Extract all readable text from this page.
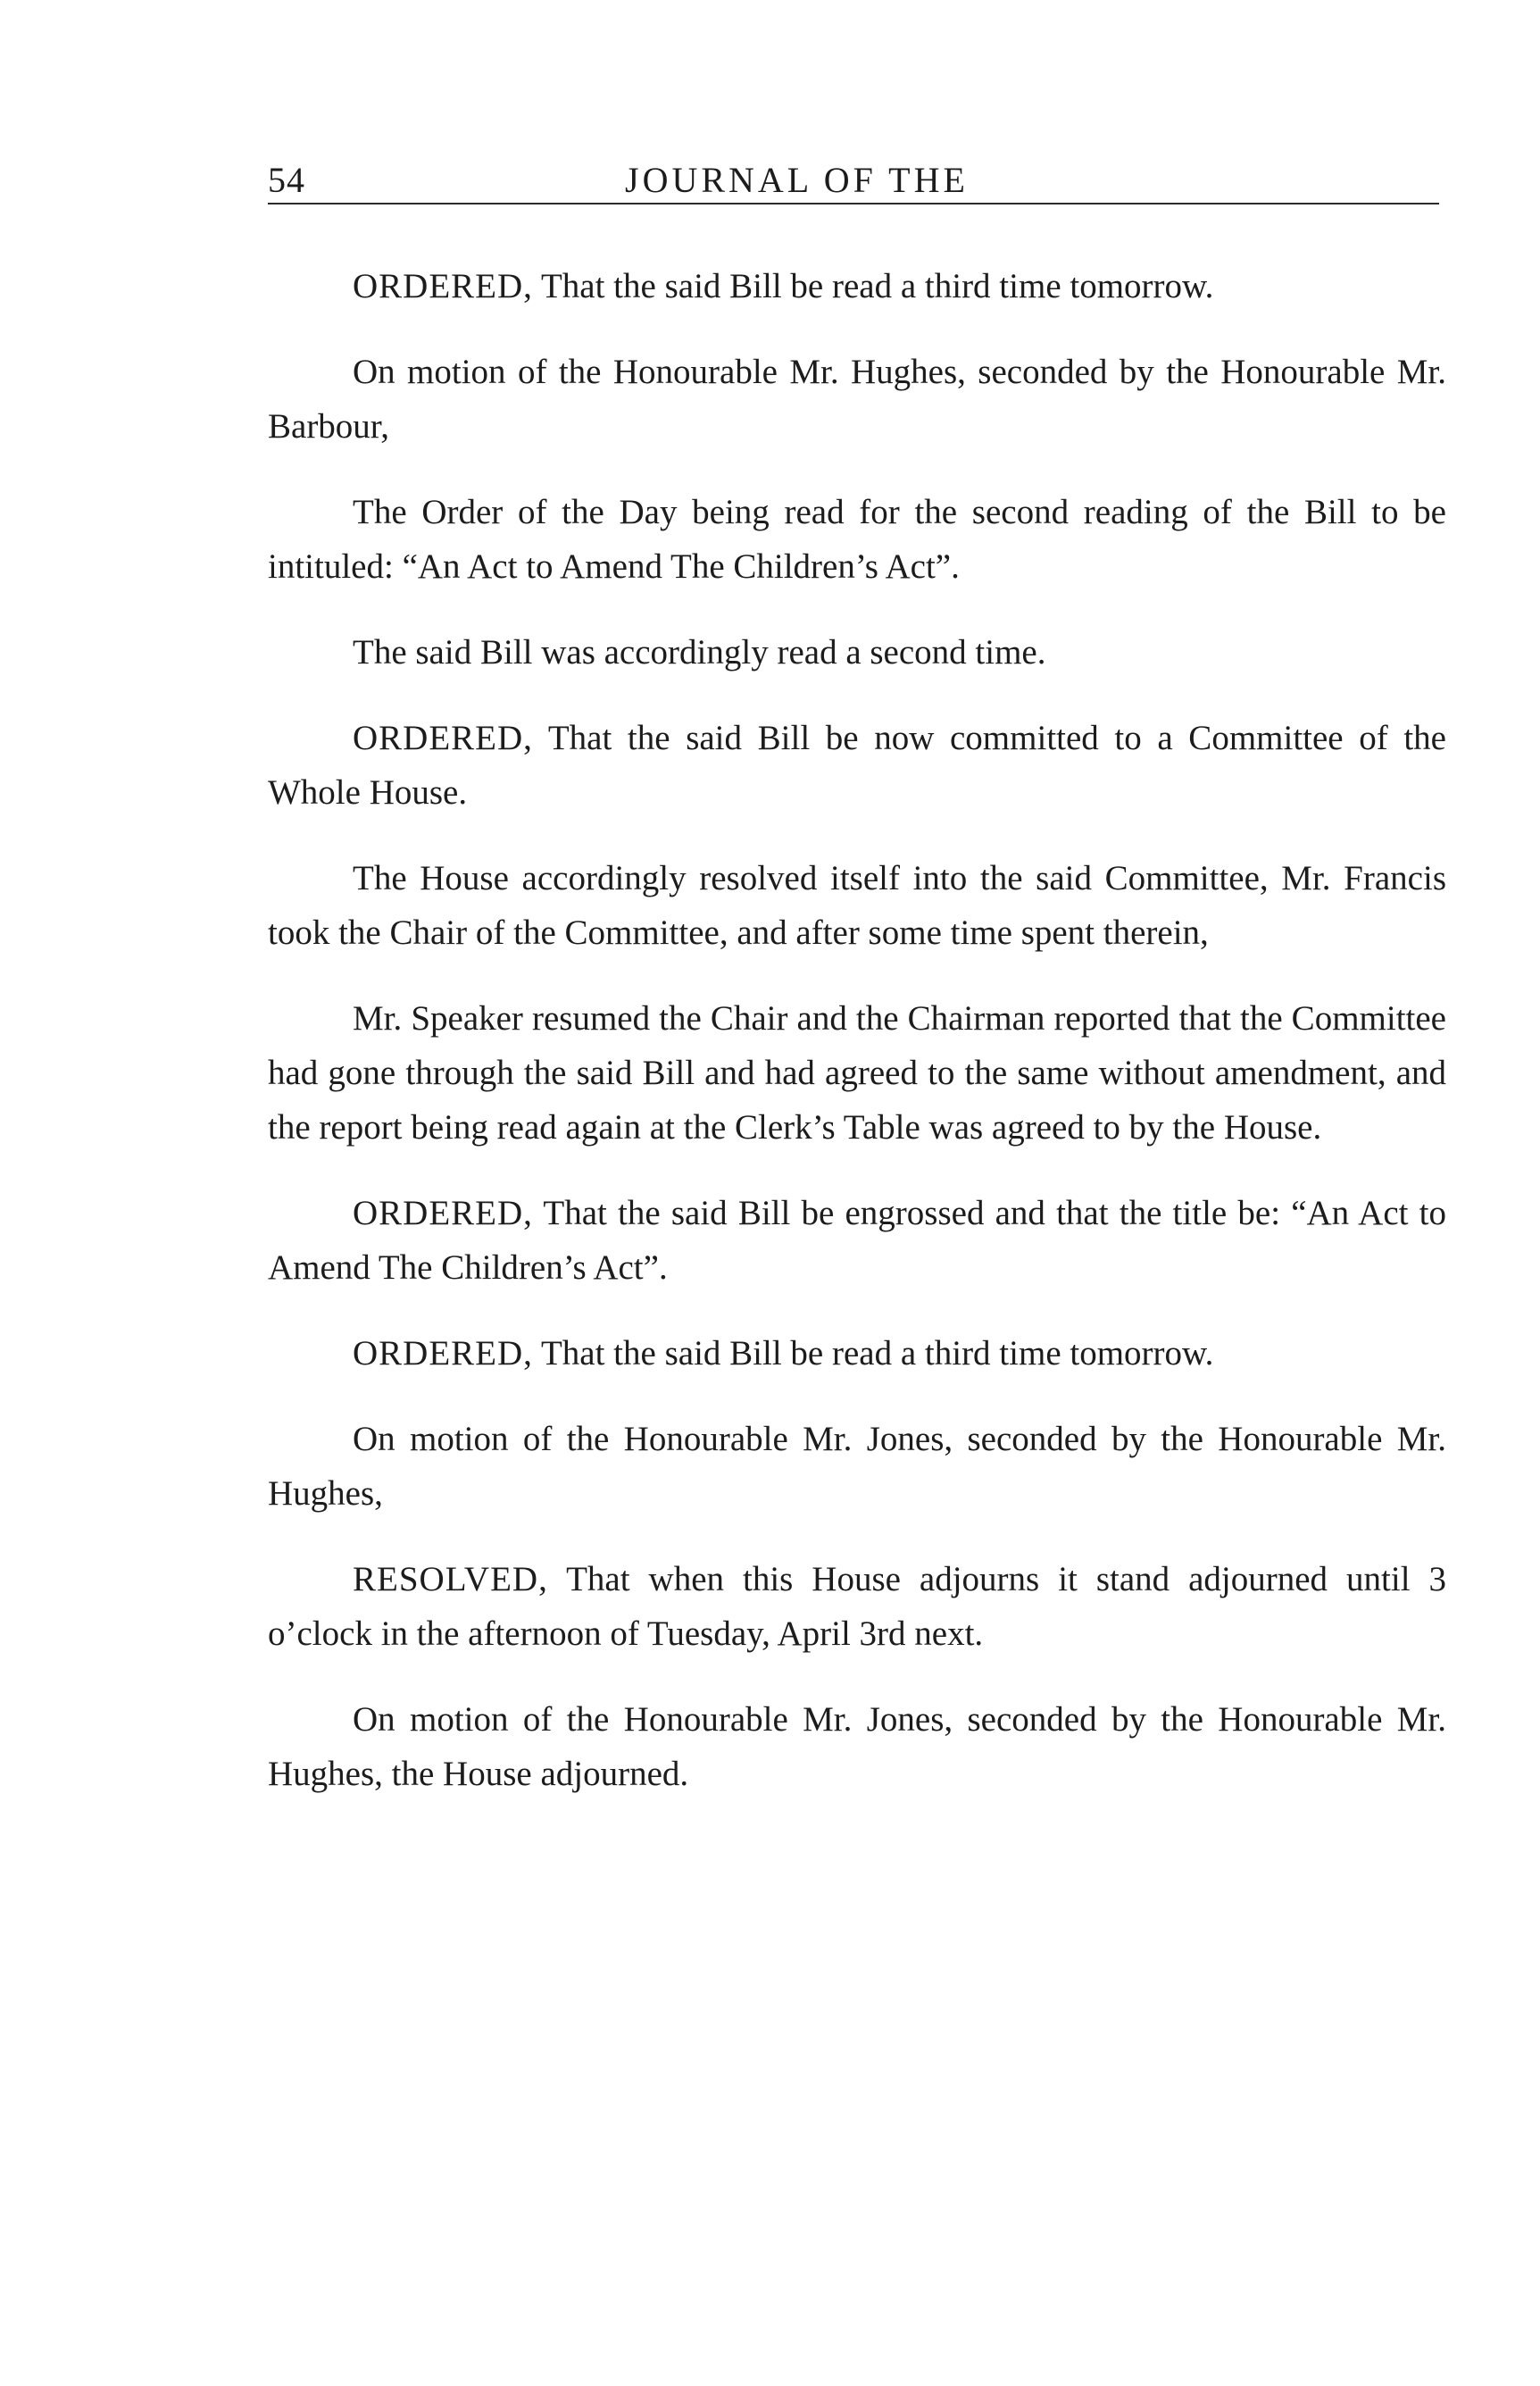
54	JOURNAL OF THE

ORDERED, That the said Bill be read a third time tomorrow.

On motion of the Honourable Mr. Hughes, seconded by the Honourable Mr. Barbour,

The Order of the Day being read for the second reading of the Bill to be intituled: “An Act to Amend The Children’s Act”.

The said Bill was accordingly read a second time.

ORDERED, That the said Bill be now committed to a Committee of the Whole House.

The House accordingly resolved itself into the said Committee, Mr. Francis took the Chair of the Committee, and after some time spent therein,

Mr. Speaker resumed the Chair and the Chairman reported that the Committee had gone through the said Bill and had agreed to the same without amendment, and the report being read again at the Clerk’s Table was agreed to by the House.

ORDERED, That the said Bill be engrossed and that the title be: “An Act to Amend The Children’s Act”.

ORDERED, That the said Bill be read a third time tomorrow.

On motion of the Honourable Mr. Jones, seconded by the Honourable Mr. Hughes,

RESOLVED, That when this House adjourns it stand adjourned until 3 o’clock in the afternoon of Tuesday, April 3rd next.

On motion of the Honourable Mr. Jones, seconded by the Honourable Mr. Hughes, the House adjourned.
